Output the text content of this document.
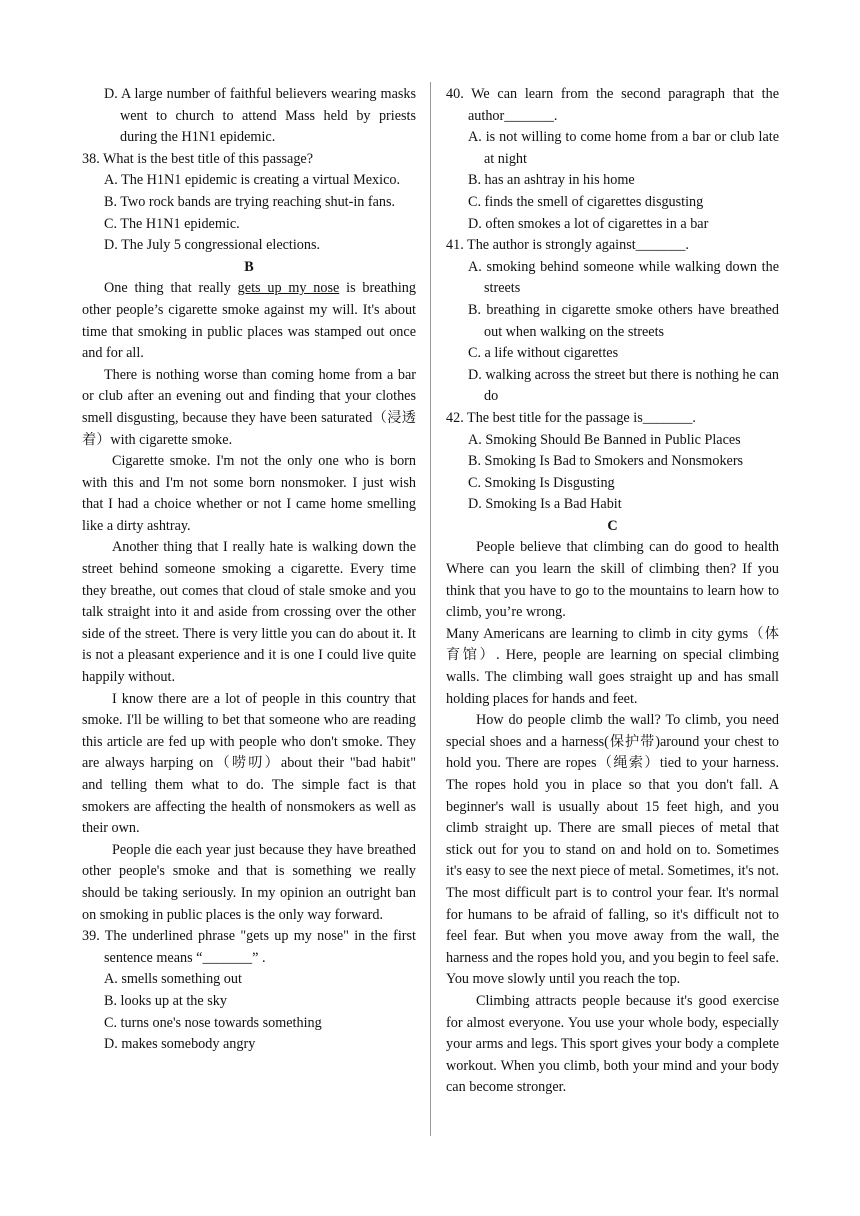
D. A large number of faithful believers wearing masks went to church to attend Mass held by priests during the H1N1 epidemic.

38. What is the best title of this passage?

A. The H1N1 epidemic is creating a virtual Mexico.

B. Two rock bands are trying reaching shut-in fans.

C. The H1N1 epidemic.

D. The July 5 congressional elections.

B

One thing that really gets up my nose is breathing other people’s cigarette smoke against my will. It's about time that smoking in public places was stamped out once and for all.

There is nothing worse than coming home from a bar or club after an evening out and finding that your clothes smell disgusting, because they have been saturated（浸透着）with cigarette smoke.

Cigarette smoke. I'm not the only one who is born with this and I'm not some born nonsmoker. I just wish that I had a choice whether or not I came home smelling like a dirty ashtray.

Another thing that I really hate is walking down the street behind someone smoking a cigarette. Every time they breathe, out comes that cloud of stale smoke and you talk straight into it and aside from crossing over the other side of the street. There is very little you can do about it. It is not a pleasant experience and it is one I could live quite happily without.

I know there are a lot of people in this country that smoke. I'll be willing to bet that someone who are reading this article are fed up with people who don't smoke. They are always harping on（唠叨）about their "bad habit" and telling them what to do. The simple fact is that smokers are affecting the health of nonsmokers as well as their own.

People die each year just because they have breathed other people's smoke and that is something we really should be taking seriously. In my opinion an outright ban on smoking in public places is the only way forward.

39. The underlined phrase "gets up my nose" in the first sentence means “_______” .

A. smells something out

B. looks up at the sky

C. turns one's nose towards something

D. makes somebody angry

40. We can learn from the second paragraph that the author_______.

A. is not willing to come home from a bar or club late at night

B. has an ashtray in his home

C. finds the smell of cigarettes disgusting

D. often smokes a lot of cigarettes in a bar

41. The author is strongly against_______.

A. smoking behind someone while walking down the streets

B. breathing in cigarette smoke others have breathed out when walking on the streets

C. a life without cigarettes

D. walking across the street but there is nothing he can do

42. The best title for the passage is_______.

A. Smoking Should Be Banned in Public Places

B. Smoking Is Bad to Smokers and Nonsmokers

C. Smoking Is Disgusting

D. Smoking Is a Bad Habit

C

People believe that climbing can do good to health Where can you learn the skill of climbing then? If you think that you have to go to the mountains to learn how to climb, you’re wrong.

Many Americans are learning to climb in city gyms（体育馆）. Here, people are learning on special climbing walls. The climbing wall goes straight up and has small holding places for hands and feet.

How do people climb the wall? To climb, you need special shoes and a harness(保护带)around your chest to hold you. There are ropes（绳索）tied to your harness. The ropes hold you in place so that you don't fall. A beginner's wall is usually about 15 feet high, and you climb straight up. There are small pieces of metal that stick out for you to stand on and hold on to. Sometimes it's easy to see the next piece of metal. Sometimes, it's not. The most difficult part is to control your fear. It's normal for humans to be afraid of falling, so it's difficult not to feel fear. But when you move away from the wall, the harness and the ropes hold you, and you begin to feel safe. You move slowly until you reach the top.

Climbing attracts people because it's good exercise for almost everyone. You use your whole body, especially your arms and legs. This sport gives your body a complete workout. When you climb, both your mind and your body can become stronger.
